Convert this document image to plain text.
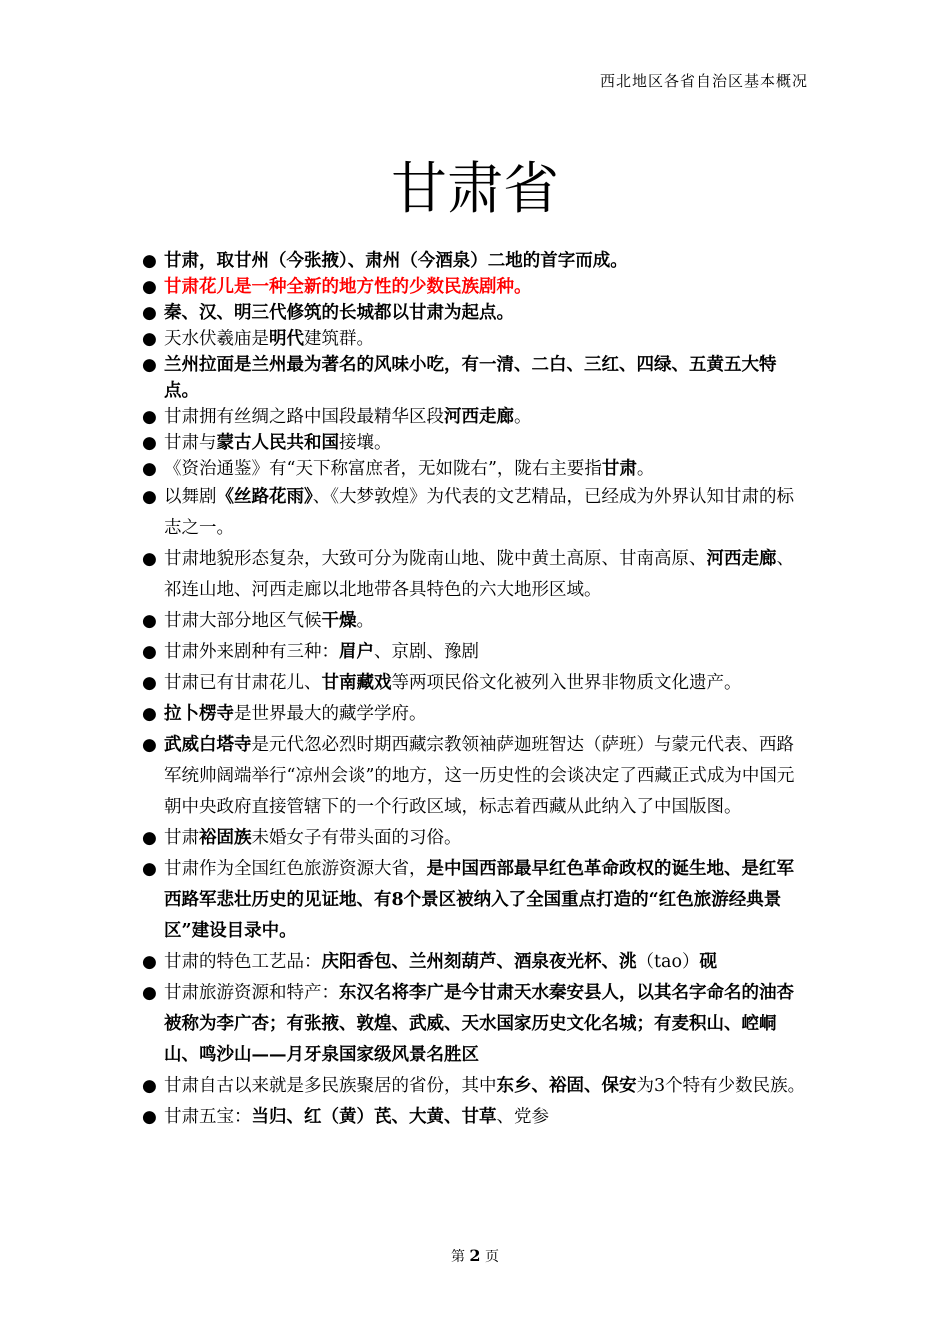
西北地区各省自治区基本概况
甘肃省

● 甘肃，取甘州（今张掖）、肃州（今酒泉）二地的首字而成。

● 甘肃花儿是一种全新的地方性的少数民族剧种。

● 秦、汉、明三代修筑的长城都以甘肃为起点。

● 天水伏羲庙是明代建筑群。

● 兰州拉面是兰州最为著名的风味小吃，有一清、二白、三红、四绿、五黄五大特点。

● 甘肃拥有丝绸之路中国段最精华区段河西走廊。

● 甘肃与蒙古人民共和国接壤。

● 《资治通鉴》有“天下称富庶者，无如陇右”，陇右主要指甘肃。

● 以舞剧《丝路花雨》、《大梦敦煌》为代表的文艺精品，已经成为外界认知甘肃的标志之一。

● 甘肃地貌形态复杂，大致可分为陇南山地、陇中黄土高原、甘南高原、河西走廊、祁连山地、河西走廊以北地带各具特色的六大地形区域。

● 甘肃大部分地区气候干燥。

● 甘肃外来剧种有三种：眉户、京剧、豫剧

● 甘肃已有甘肃花儿、甘南藏戏等两项民俗文化被列入世界非物质文化遗产。

● 拉卜楞寺是世界最大的藏学学府。

● 武威白塔寺是元代忽必烈时期西藏宗教领袖萨迦班智达（萨班）与蒙元代表、西路军统帅阔端举行“凉州会谈”的地方，这一历史性的会谈决定了西藏正式成为中国元朝中央政府直接管辖下的一个行政区域，标志着西藏从此纳入了中国版图。

● 甘肃裕固族未婚女子有带头面的习俗。

● 甘肃作为全国红色旅游资源大省，是中国西部最早红色革命政权的诞生地、是红军西路军悲壮历史的见证地、有8个景区被纳入了全国重点打造的“红色旅游经典景区”建设目录中。

● 甘肃的特色工艺品：庆阳香包、兰州刻葫芦、酒泉夜光杯、洮（tao）砚

● 甘肃旅游资源和特产：东汉名将李广是今甘肃天水秦安县人，以其名字命名的油杏被称为李广杏；有张掖、敦煌、武威、天水国家历史文化名城；有麦积山、崆峒山、鸣沙山——月牙泉国家级风景名胜区

● 甘肃自古以来就是多民族聚居的省份，其中东乡、裕固、保安为3个特有少数民族。

● 甘肃五宝：当归、红（黄）芪、大黄、甘草、党参

第 2 页
